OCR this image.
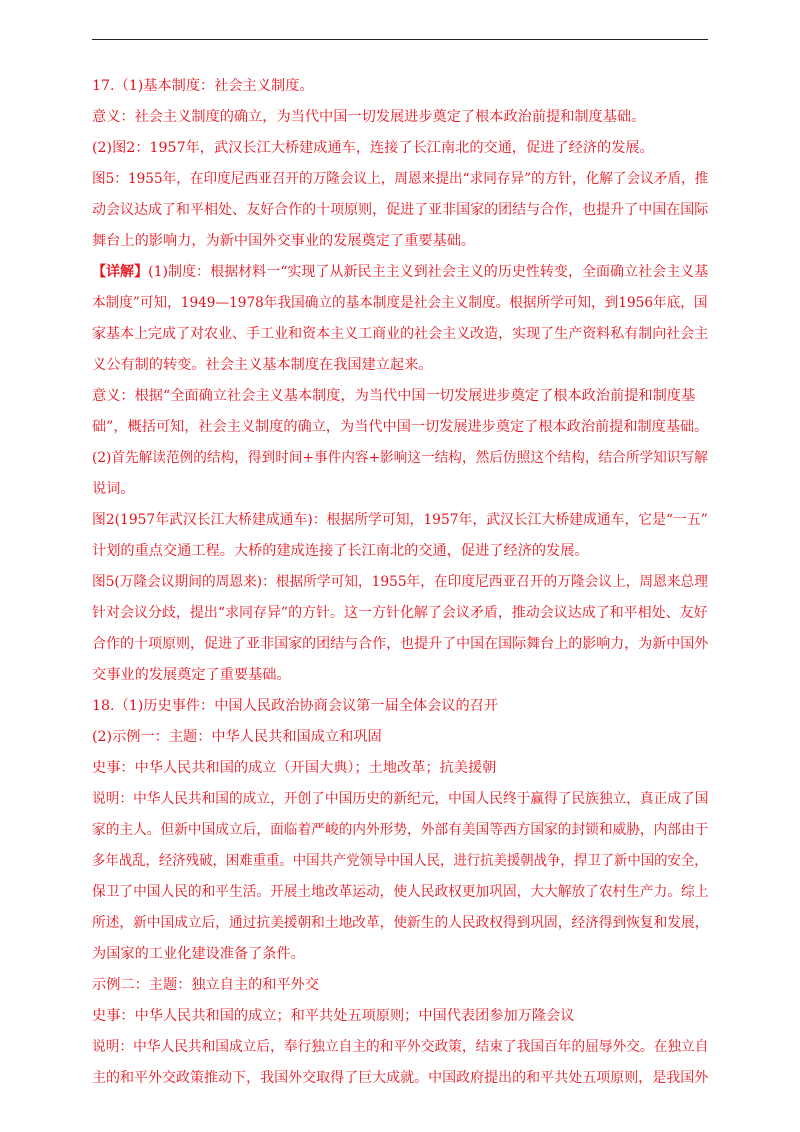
17.（1)基本制度：社会主义制度。
意义：社会主义制度的确立，为当代中国一切发展进步奠定了根本政治前提和制度基础。
(2)图2：1957年，武汉长江大桥建成通车，连接了长江南北的交通，促进了经济的发展。
图5：1955年，在印度尼西亚召开的万隆会议上，周恩来提出“求同存异”的方针，化解了会议矛盾，推
动会议达成了和平相处、友好合作的十项原则，促进了亚非国家的团结与合作，也提升了中国在国际
舞台上的影响力，为新中国外交事业的发展奠定了重要基础。
【详解】(1)制度：根据材料一“实现了从新民主主义到社会主义的历史性转变，全面确立社会主义基
本制度”可知，1949—1978年我国确立的基本制度是社会主义制度。根据所学可知，到1956年底，国
家基本上完成了对农业、手工业和资本主义工商业的社会主义改造，实现了生产资料私有制向社会主
义公有制的转变。社会主义基本制度在我国建立起来。
意义：根据“全面确立社会主义基本制度，为当代中国一切发展进步奠定了根本政治前提和制度基
础”，概括可知，社会主义制度的确立，为当代中国一切发展进步奠定了根本政治前提和制度基础。
(2)首先解读范例的结构，得到时间+事件内容+影响这一结构，然后仿照这个结构，结合所学知识写解
说词。
图2(1957年武汉长江大桥建成通车)：根据所学可知，1957年，武汉长江大桥建成通车，它是“一五”
计划的重点交通工程。大桥的建成连接了长江南北的交通，促进了经济的发展。
图5(万隆会议期间的周恩来)：根据所学可知，1955年，在印度尼西亚召开的万隆会议上，周恩来总理
针对会议分歧，提出“求同存异”的方针。这一方针化解了会议矛盾，推动会议达成了和平相处、友好
合作的十项原则，促进了亚非国家的团结与合作，也提升了中国在国际舞台上的影响力，为新中国外
交事业的发展奠定了重要基础。
18.（1)历史事件：中国人民政治协商会议第一届全体会议的召开
(2)示例一：主题：中华人民共和国成立和巩固
史事：中华人民共和国的成立（开国大典）；土地改革；抗美援朝
说明：中华人民共和国的成立，开创了中国历史的新纪元，中国人民终于赢得了民族独立，真正成了国
家的主人。但新中国成立后，面临着严峻的内外形势，外部有美国等西方国家的封锁和威胁，内部由于
多年战乱，经济残破，困难重重。中国共产党领导中国人民，进行抗美援朝战争，捍卫了新中国的安全，
保卫了中国人民的和平生活。开展土地改革运动，使人民政权更加巩固，大大解放了农村生产力。综上
所述，新中国成立后，通过抗美援朝和土地改革，使新生的人民政权得到巩固，经济得到恢复和发展，
为国家的工业化建设准备了条件。
示例二：主题：独立自主的和平外交
史事：中华人民共和国的成立；和平共处五项原则；中国代表团参加万隆会议
说明：中华人民共和国成立后，奉行独立自主的和平外交政策，结束了我国百年的屈辱外交。在独立自
主的和平外交政策推动下，我国外交取得了巨大成就。中国政府提出的和平共处五项原则，是我国外
